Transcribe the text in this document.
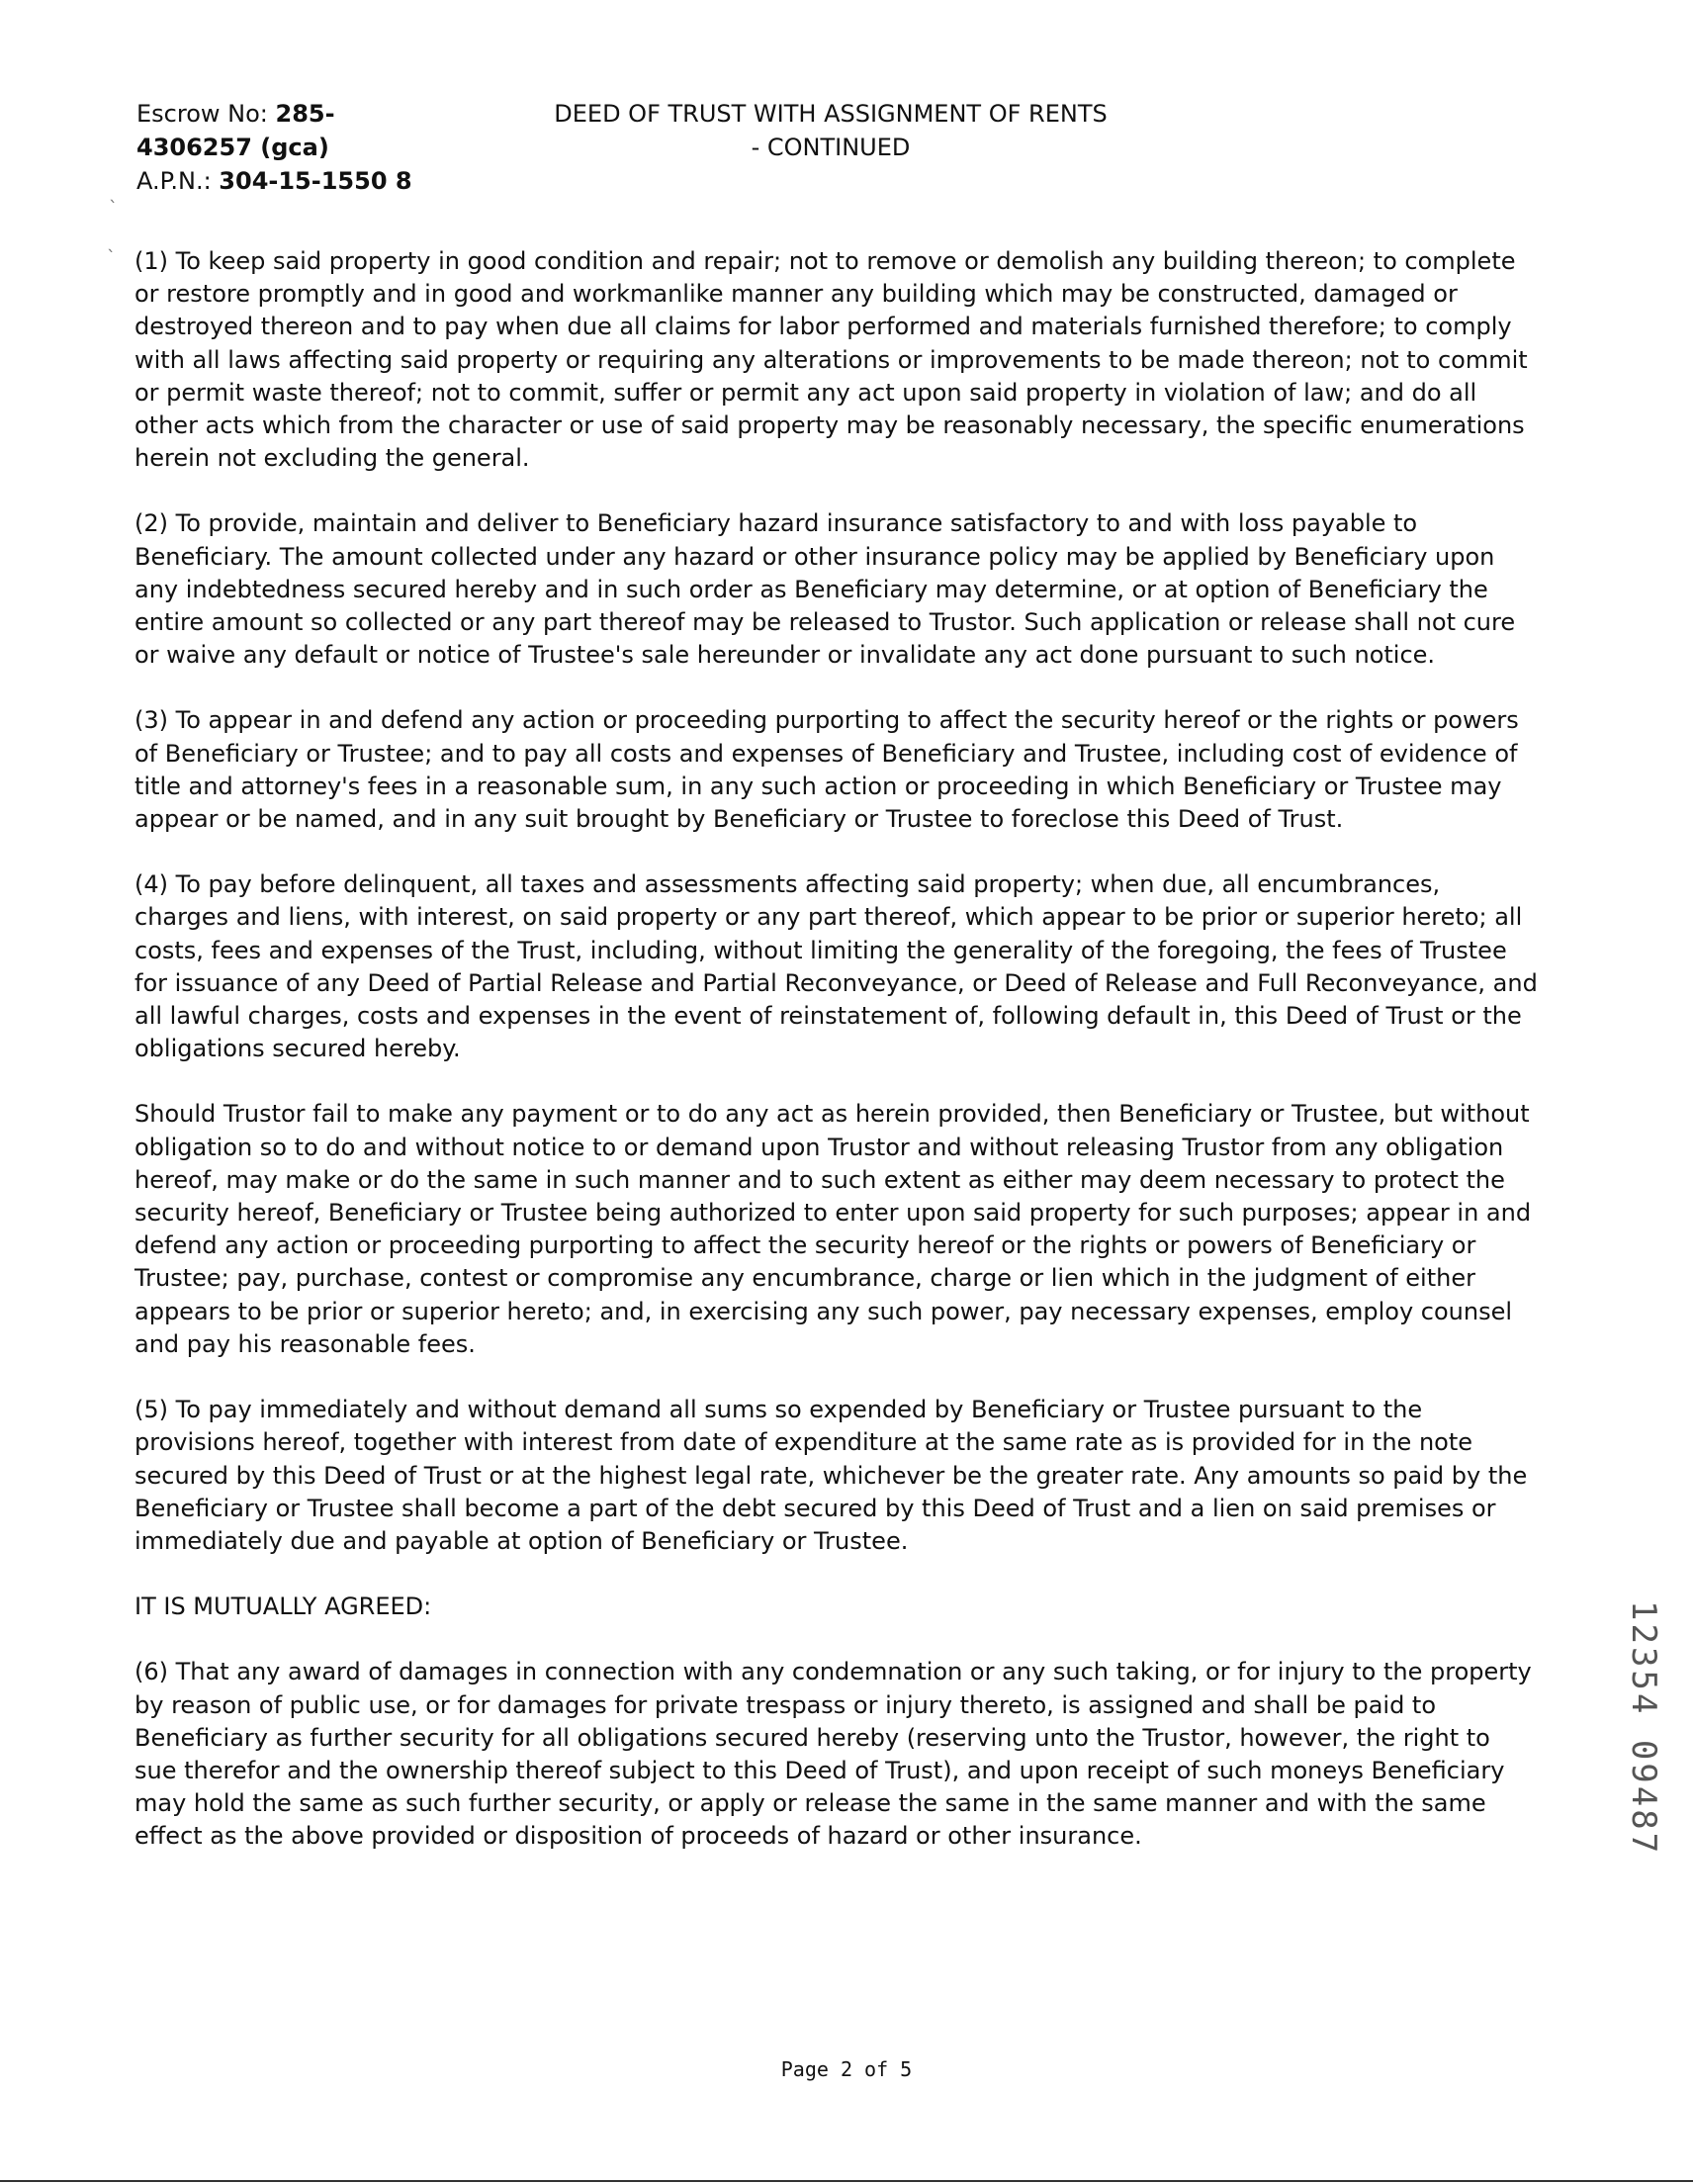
Escrow No: 285-
4306257 (gca)
A.P.N.: 304-15-1550 8
DEED OF TRUST WITH ASSIGNMENT OF RENTS
- CONTINUED
`
` (1) To keep said property in good condition and repair; not to remove or demolish any building thereon; to complete or restore promptly and in good and workmanlike manner any building which may be constructed, damaged or destroyed thereon and to pay when due all claims for labor performed and materials furnished therefore; to comply with all laws affecting said property or requiring any alterations or improvements to be made thereon; not to commit or permit waste thereof; not to commit, suffer or permit any act upon said property in violation of law; and do all other acts which from the character or use of said property may be reasonably necessary, the specific enumerations herein not excluding the general.

(2) To provide, maintain and deliver to Beneficiary hazard insurance satisfactory to and with loss payable to Beneficiary. The amount collected under any hazard or other insurance policy may be applied by Beneficiary upon any indebtedness secured hereby and in such order as Beneficiary may determine, or at option of Beneficiary the entire amount so collected or any part thereof may be released to Trustor. Such application or release shall not cure or waive any default or notice of Trustee's sale hereunder or invalidate any act done pursuant to such notice.

(3) To appear in and defend any action or proceeding purporting to affect the security hereof or the rights or powers of Beneficiary or Trustee; and to pay all costs and expenses of Beneficiary and Trustee, including cost of evidence of title and attorney's fees in a reasonable sum, in any such action or proceeding in which Beneficiary or Trustee may appear or be named, and in any suit brought by Beneficiary or Trustee to foreclose this Deed of Trust.

(4) To pay before delinquent, all taxes and assessments affecting said property; when due, all encumbrances, charges and liens, with interest, on said property or any part thereof, which appear to be prior or superior hereto; all costs, fees and expenses of the Trust, including, without limiting the generality of the foregoing, the fees of Trustee for issuance of any Deed of Partial Release and Partial Reconveyance, or Deed of Release and Full Reconveyance, and all lawful charges, costs and expenses in the event of reinstatement of, following default in, this Deed of Trust or the obligations secured hereby.

Should Trustor fail to make any payment or to do any act as herein provided, then Beneficiary or Trustee, but without obligation so to do and without notice to or demand upon Trustor and without releasing Trustor from any obligation hereof, may make or do the same in such manner and to such extent as either may deem necessary to protect the security hereof, Beneficiary or Trustee being authorized to enter upon said property for such purposes; appear in and defend any action or proceeding purporting to affect the security hereof or the rights or powers of Beneficiary or Trustee; pay, purchase, contest or compromise any encumbrance, charge or lien which in the judgment of either appears to be prior or superior hereto; and, in exercising any such power, pay necessary expenses, employ counsel and pay his reasonable fees.

(5) To pay immediately and without demand all sums so expended by Beneficiary or Trustee pursuant to the provisions hereof, together with interest from date of expenditure at the same rate as is provided for in the note secured by this Deed of Trust or at the highest legal rate, whichever be the greater rate. Any amounts so paid by the Beneficiary or Trustee shall become a part of the debt secured by this Deed of Trust and a lien on said premises or immediately due and payable at option of Beneficiary or Trustee.

IT IS MUTUALLY AGREED:

(6) That any award of damages in connection with any condemnation or any such taking, or for injury to the property by reason of public use, or for damages for private trespass or injury thereto, is assigned and shall be paid to Beneficiary as further security for all obligations secured hereby (reserving unto the Trustor, however, the right to sue therefor and the ownership thereof subject to this Deed of Trust), and upon receipt of such moneys Beneficiary may hold the same as such further security, or apply or release the same in the same manner and with the same effect as the above provided or disposition of proceeds of hazard or other insurance.	12354 09487
Page 2 of 5
